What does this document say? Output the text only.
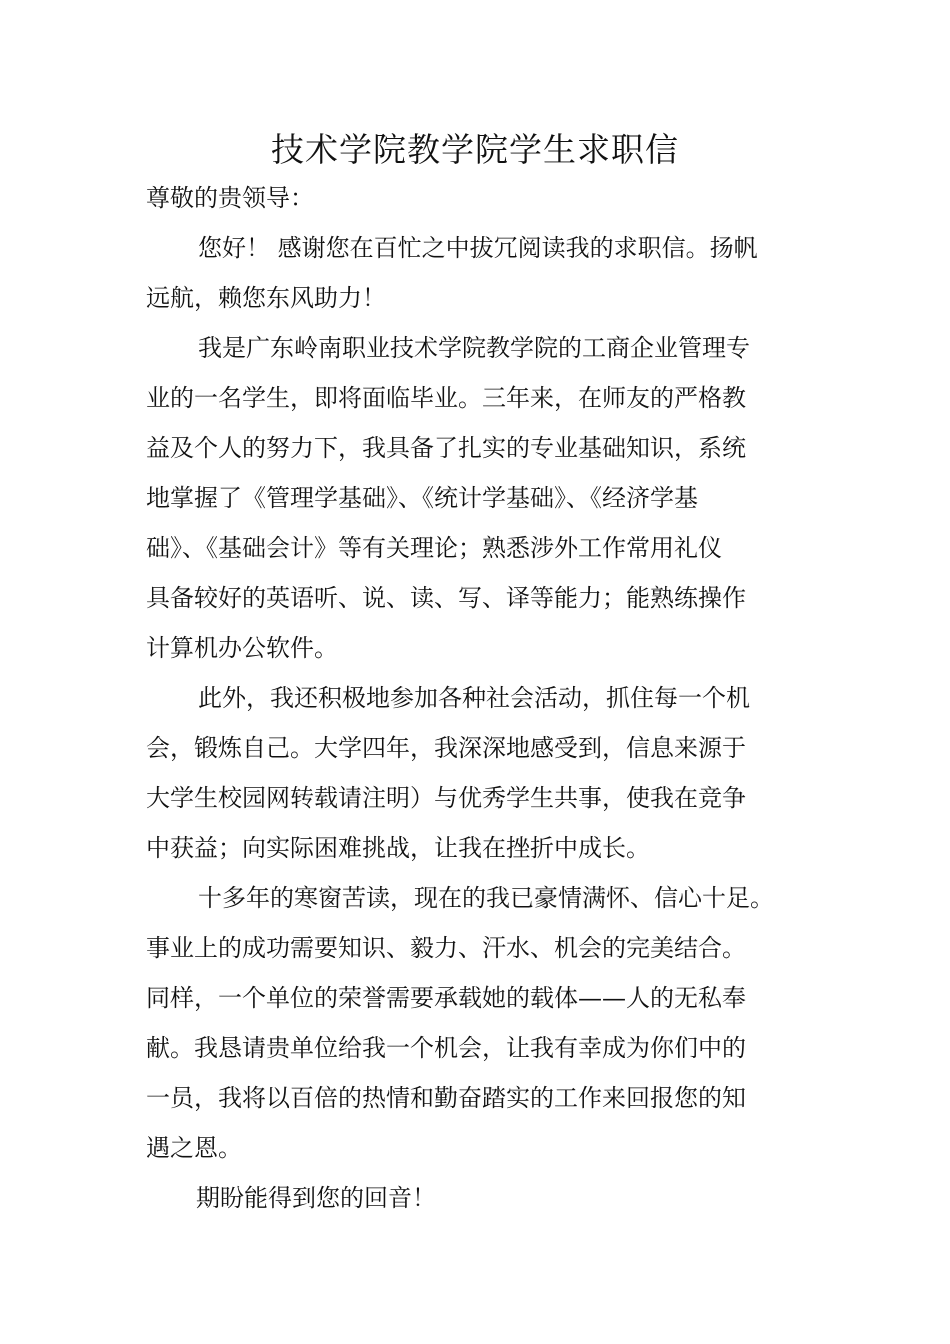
技术学院教学院学生求职信

尊敬的贵领导：

您好！ 感谢您在百忙之中拔冗阅读我的求职信。扬帆

远航，赖您东风助力！

我是广东岭南职业技术学院教学院的工商企业管理专

业的一名学生，即将面临毕业。三年来，在师友的严格教

益及个人的努力下，我具备了扎实的专业基础知识，系统

地掌握了《管理学基础》、《统计学基础》、《经济学基

础》、《基础会计》等有关理论；熟悉涉外工作常用礼仪

具备较好的英语听、说、读、写、译等能力；能熟练操作

计算机办公软件。

此外，我还积极地参加各种社会活动，抓住每一个机

会，锻炼自己。大学四年，我深深地感受到，信息来源于

大学生校园网转载请注明）与优秀学生共事，使我在竞争

中获益；向实际困难挑战，让我在挫折中成长。

十多年的寒窗苦读，现在的我已豪情满怀、信心十足。

事业上的成功需要知识、毅力、汗水、机会的完美结合。

同样，一个单位的荣誉需要承载她的载体——人的无私奉

献。我恳请贵单位给我一个机会，让我有幸成为你们中的

一员，我将以百倍的热情和勤奋踏实的工作来回报您的知

遇之恩。

期盼能得到您的回音！
